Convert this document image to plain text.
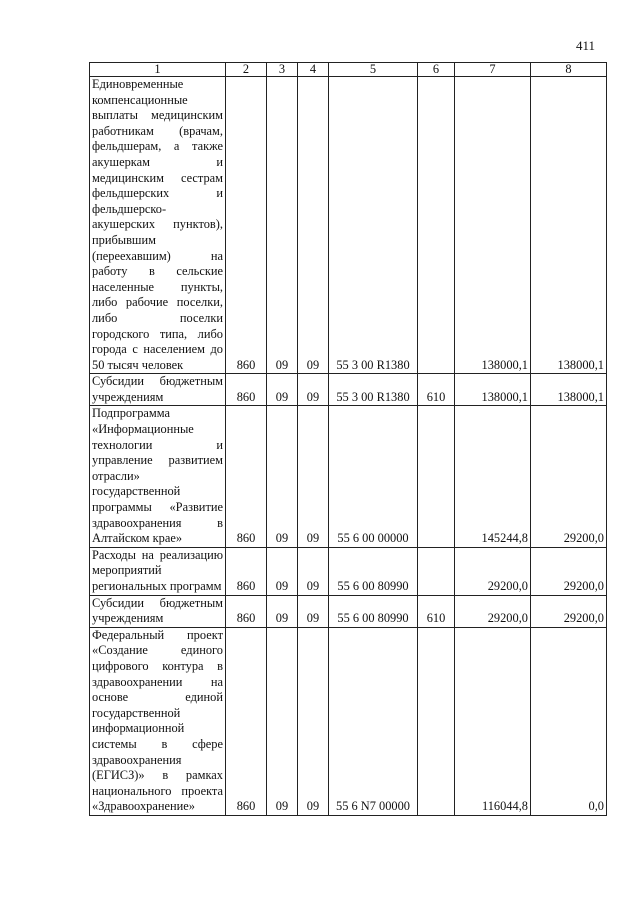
411
1	2	3	4	5	6	7	8
Единовременные компенсационные выплаты медицинским работникам (врачам, фельдшерам, а также акушеркам и медицинским сестрам фельдшерских и фельдшерско-акушерских пунктов), прибывшим (переехавшим) на работу в сельские населенные пункты, либо рабочие поселки, либо поселки городского типа, либо города с населением до 50 тысяч человек	860	09	09	55 3 00 R1380		138000,1	138000,1
Субсидии бюджетным учреждениям	860	09	09	55 3 00 R1380	610	138000,1	138000,1
Подпрограмма «Информационные технологии и управление развитием отрасли» государственной программы «Развитие здравоохранения в Алтайском крае»	860	09	09	55 6 00 00000		145244,8	29200,0
Расходы на реализацию мероприятий региональных программ	860	09	09	55 6 00 80990		29200,0	29200,0
Субсидии бюджетным учреждениям	860	09	09	55 6 00 80990	610	29200,0	29200,0
Федеральный проект «Создание единого цифрового контура в здравоохранении на основе единой государственной информационной системы в сфере здравоохранения (ЕГИСЗ)» в рамках национального проекта «Здравоохранение»	860	09	09	55 6 N7 00000		116044,8	0,0
